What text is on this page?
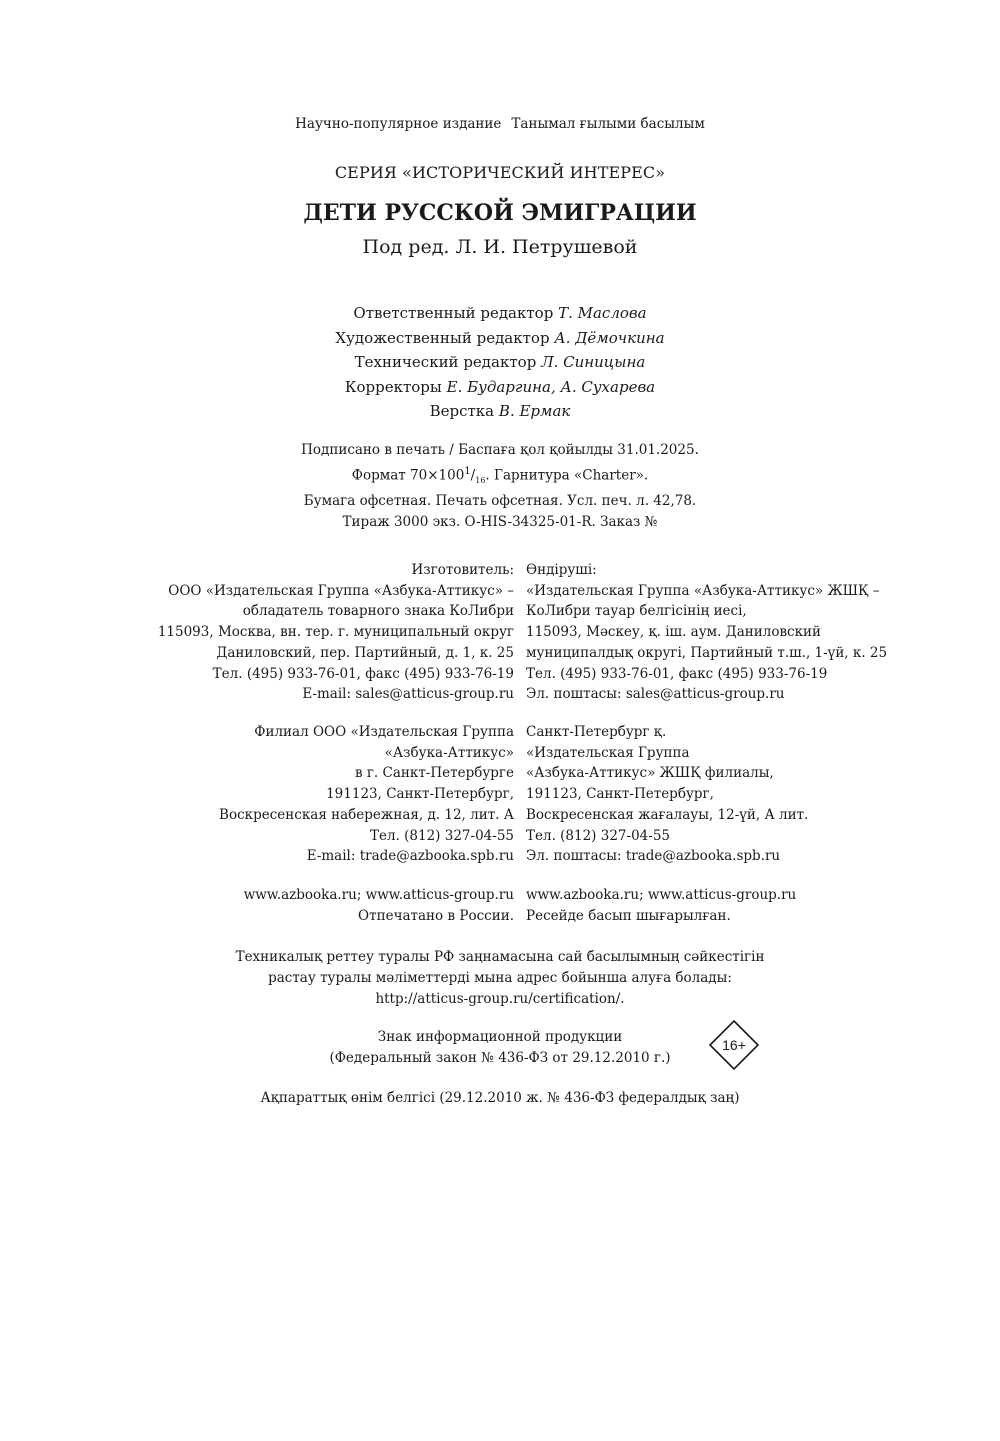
Научно-популярное издание Танымал ғылыми басылым
СЕРИЯ «ИСТОРИЧЕСКИЙ ИНТЕРЕС»
ДЕТИ РУССКОЙ ЭМИГРАЦИИ
Под ред. Л. И. Петрушевой
Ответственный редактор Т. Маслова
Художественный редактор А. Дёмочкина
Технический редактор Л. Синицына
Корректоры Е. Бударгина, А. Сухарева
Верстка В. Ермак
Подписано в печать / Баспаға қол қойылды 31.01.2025.
Формат $70\times 100^1/_{16}$. Гарнитура «Charter».
Бумага офсетная. Печать офсетная. Усл. печ. л. 42,78.
Тираж 3000 экз. O-HIS-34325-01-R. Заказ №
Изготовитель:
ООО «Издательская Группа «Азбука-Аттикус» –
обладатель товарного знака КоЛибри
115093, Москва, вн. тер. г. муниципальный округ
Даниловский, пер. Партийный, д. 1, к. 25
Тел. (495) 933-76-01, факс (495) 933-76-19
E-mail: sales@atticus-group.ru
Өндіруші:
«Издательская Группа «Азбука-Аттикус» ЖШҚ –
КоЛибри тауар белгісінің иесі,
115093, Мәскеу, қ. іш. аум. Даниловский
муниципалдық округі, Партийный т.ш., 1-үй, к. 25
Тел. (495) 933-76-01, факс (495) 933-76-19
Эл. поштасы: sales@atticus-group.ru
Филиал ООО «Издательская Группа
«Азбука-Аттикус»
в г. Санкт-Петербурге
191123, Санкт-Петербург,
Воскресенская набережная, д. 12, лит. А
Тел. (812) 327-04-55
E-mail: trade@azbooka.spb.ru
Санкт-Петербург қ.
«Издательская Группа
«Азбука-Аттикус» ЖШҚ филиалы,
191123, Санкт-Петербург,
Воскресенская жағалауы, 12-үй, А лит.
Тел. (812) 327-04-55
Эл. поштасы: trade@azbooka.spb.ru
www.azbooka.ru; www.atticus-group.ru
Отпечатано в России.
www.azbooka.ru; www.atticus-group.ru
Ресейде басып шығарылған.
Техникалық реттеу туралы РФ заңнамасына сай басылымның сәйкестігін
растау туралы мәліметтерді мына адрес бойынша алуға болады:
http://atticus-group.ru/certification/.
Знак информационной продукции
(Федеральный закон № 436-ФЗ от 29.12.2010 г.)
16+
Ақпараттық өнім белгісі (29.12.2010 ж. № 436-ФЗ федералдық заң)
